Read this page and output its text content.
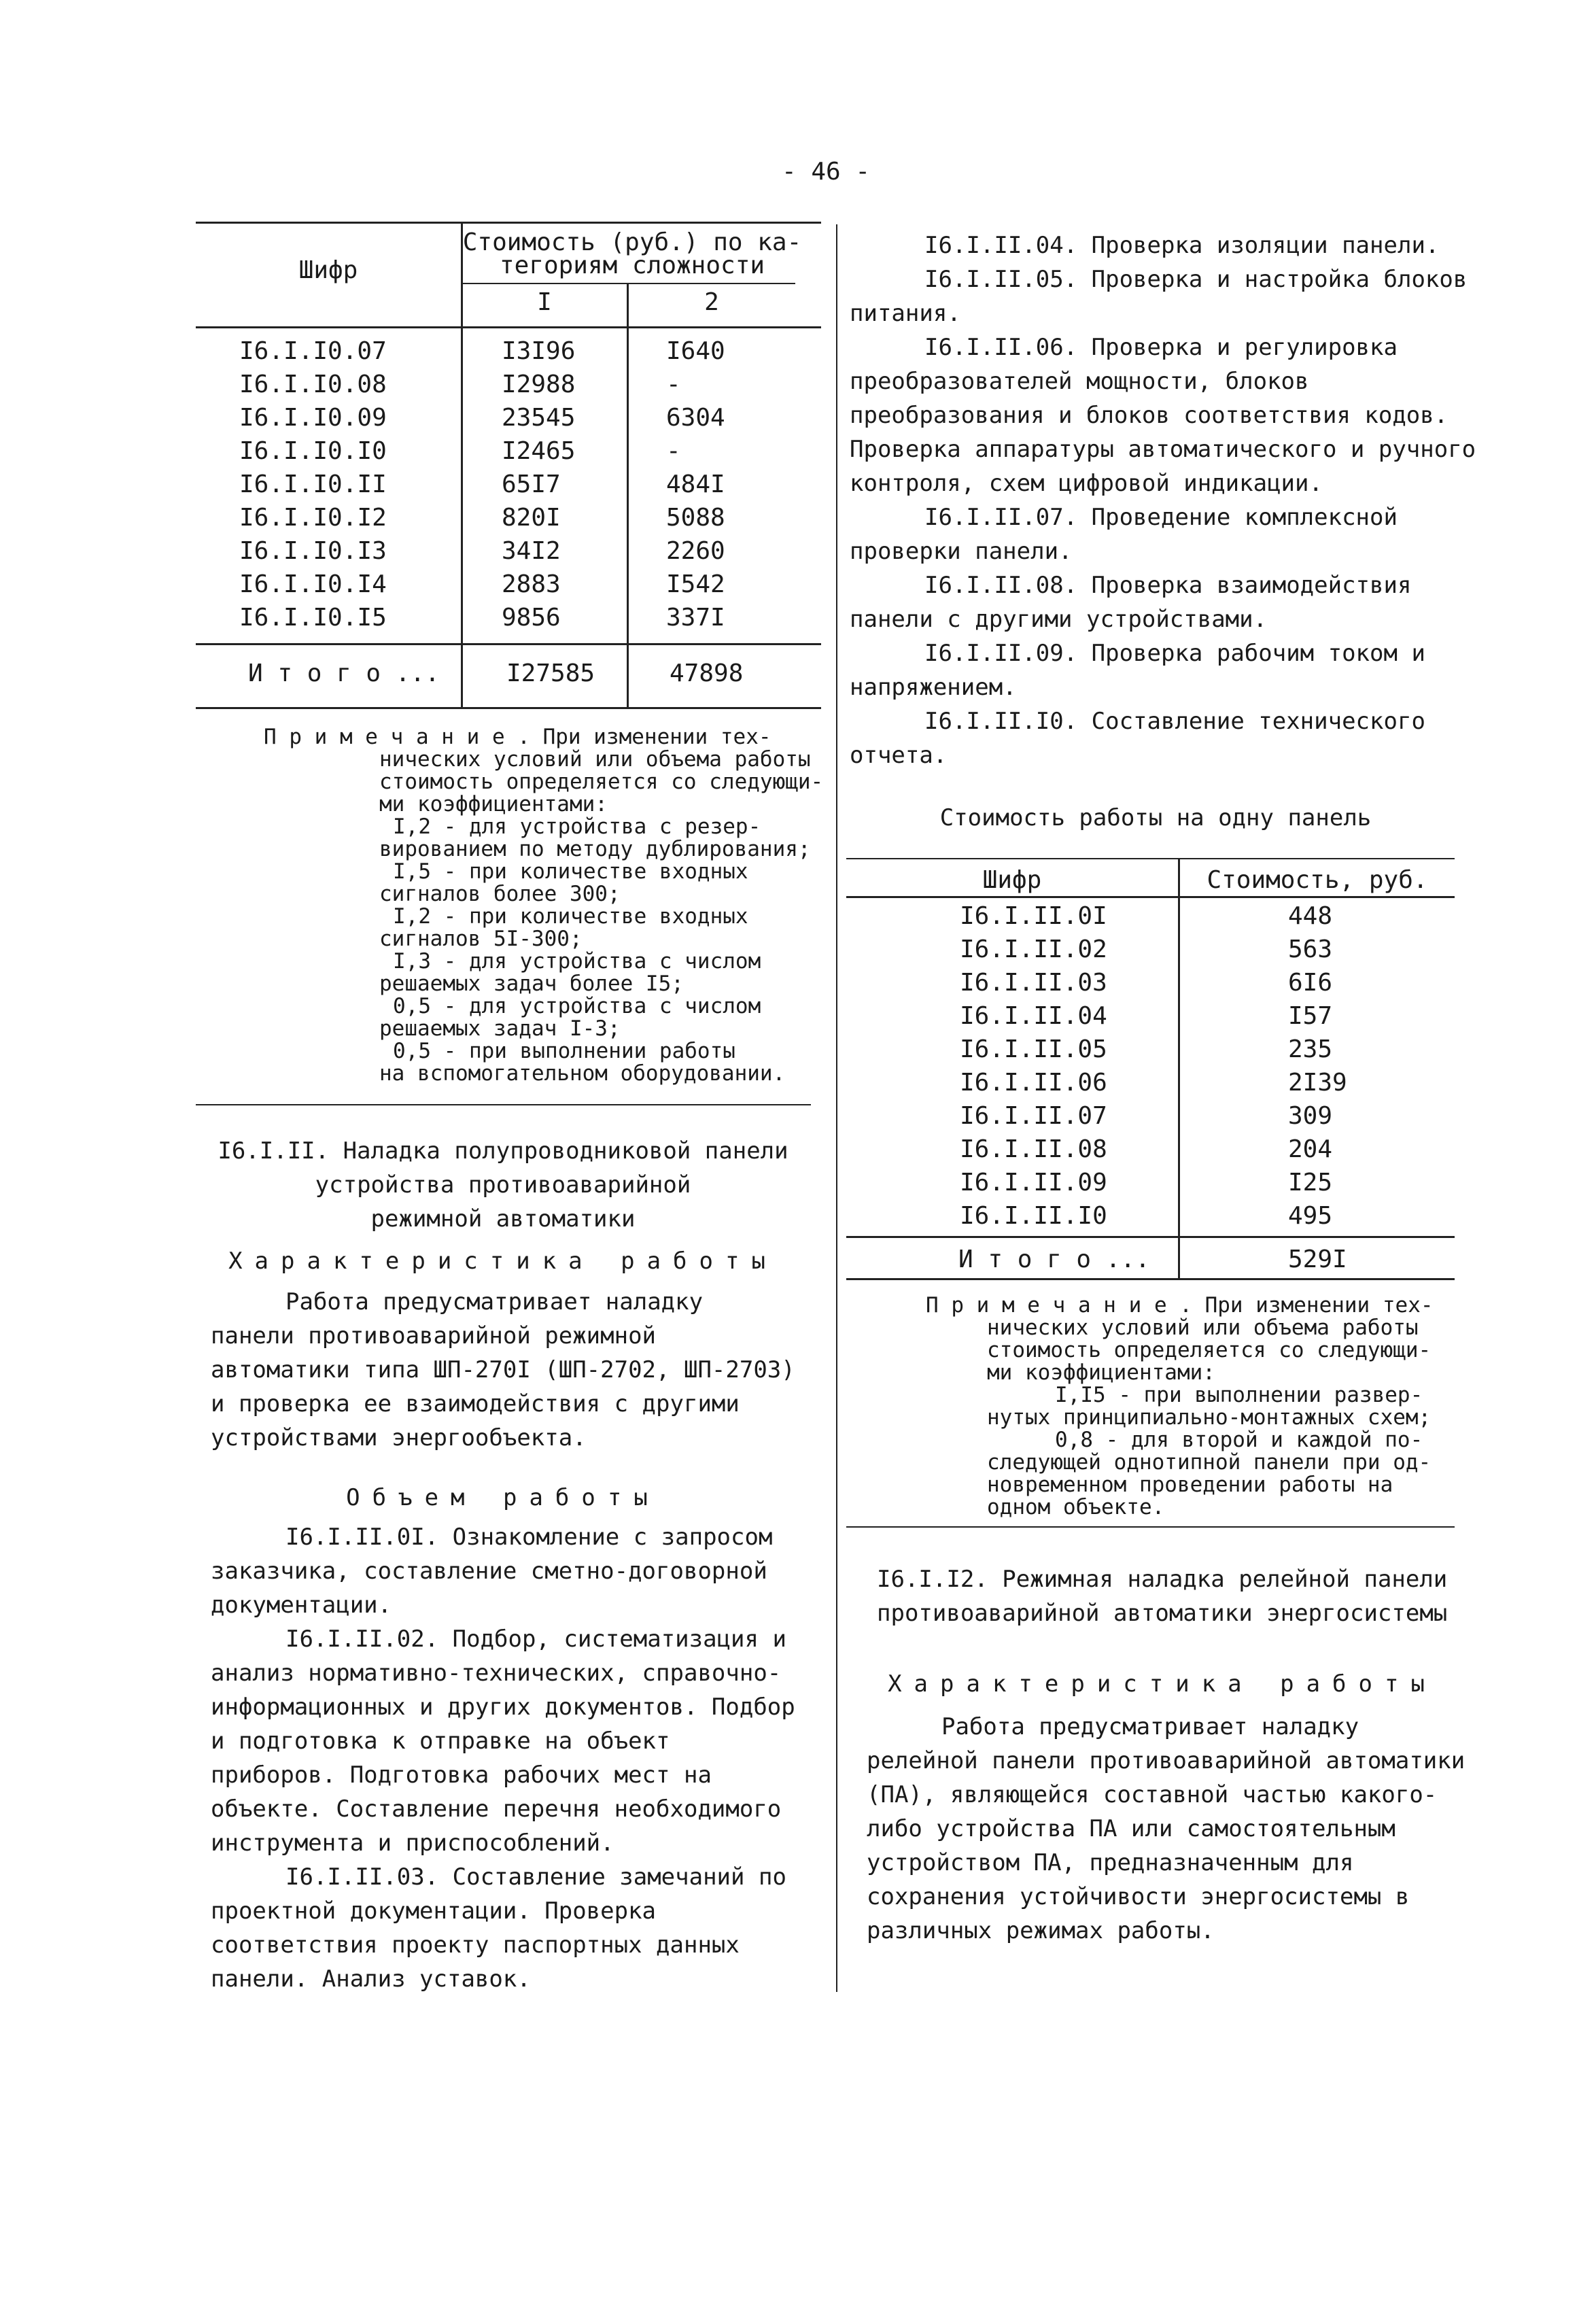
- 46 -
Шифр
Стоимость (руб.) по ка-
тегориям сложности
I	2
I6.I.I0.07	I3I96	I640
I6.I.I0.08	I2988	-
I6.I.I0.09	23545	6304
I6.I.I0.I0	I2465	-
I6.I.I0.II	65I7	484I
I6.I.I0.I2	820I	5088
I6.I.I0.I3	34I2	2260
I6.I.I0.I4	2883	I542
I6.I.I0.I5	9856	337I
И т о г о ...	I27585	47898
П р и м е ч а н и е . При изменении тех-
нических условий или объема работы
стоимость определяется со следующи-
ми коэффициентами:
I,2 - для устройства с резер-
вированием по методу дублирования;
I,5 - при количестве входных
сигналов более 300;
I,2 - при количестве входных
сигналов 5I-300;
I,3 - для устройства с числом
решаемых задач более I5;
0,5 - для устройства с числом
решаемых задач I-3;
0,5 - при выполнении работы
на вспомогательном оборудовании.
I6.I.II. Наладка полупроводниковой панели
устройства противоаварийной
режимной автоматики
Характеристика работы

Работа предусматривает наладку панели противоаварийной режимной автоматики типа ШП-270I (ШП-2702, ШП-2703) и проверка ее взаимодействия с другими устройствами энергообъекта.

Объем работы

I6.I.II.0I. Ознакомление с запросом заказчика, составление сметно-договорной документации.

I6.I.II.02. Подбор, систематизация и анализ нормативно-технических, справочно-информационных и других документов. Подбор и подготовка к отправке на объект приборов. Подготовка рабочих мест на объекте. Составление перечня необходимого инструмента и приспособлений.

I6.I.II.03. Составление замечаний по проектной документации. Проверка соответствия проекту паспортных данных панели. Анализ уставок.

I6.I.II.04. Проверка изоляции панели.

I6.I.II.05. Проверка и настройка блоков питания.

I6.I.II.06. Проверка и регулировка преобразователей мощности, блоков преобразования и блоков соответствия кодов. Проверка аппаратуры автоматического и ручного контроля, схем цифровой индикации.

I6.I.II.07. Проведение комплексной проверки панели.

I6.I.II.08. Проверка взаимодействия панели с другими устройствами.

I6.I.II.09. Проверка рабочим током и напряжением.

I6.I.II.I0. Составление технического отчета.

Стоимость работы на одну панель
Шифр	Стоимость, руб.
I6.I.II.0I	448
I6.I.II.02	563
I6.I.II.03	6I6
I6.I.II.04	I57
I6.I.II.05	235
I6.I.II.06	2I39
I6.I.II.07	309
I6.I.II.08	204
I6.I.II.09	I25
I6.I.II.I0	495
И т о г о ...	529I
П р и м е ч а н и е . При изменении тех-
нических условий или объема работы
стоимость определяется со следующи-
ми коэффициентами:
I,I5 - при выполнении развер-
нутых принципиально-монтажных схем;
0,8 - для второй и каждой по-
следующей однотипной панели при од-
новременном проведении работы на
одном объекте.
I6.I.I2. Режимная наладка релейной панели
противоаварийной автоматики энергосистемы
Характеристика работы

Работа предусматривает наладку релейной панели противоаварийной автоматики (ПА), являющейся составной частью какого-либо устройства ПА или самостоятельным устройством ПА, предназначенным для сохранения устойчивости энергосистемы в различных режимах работы.
